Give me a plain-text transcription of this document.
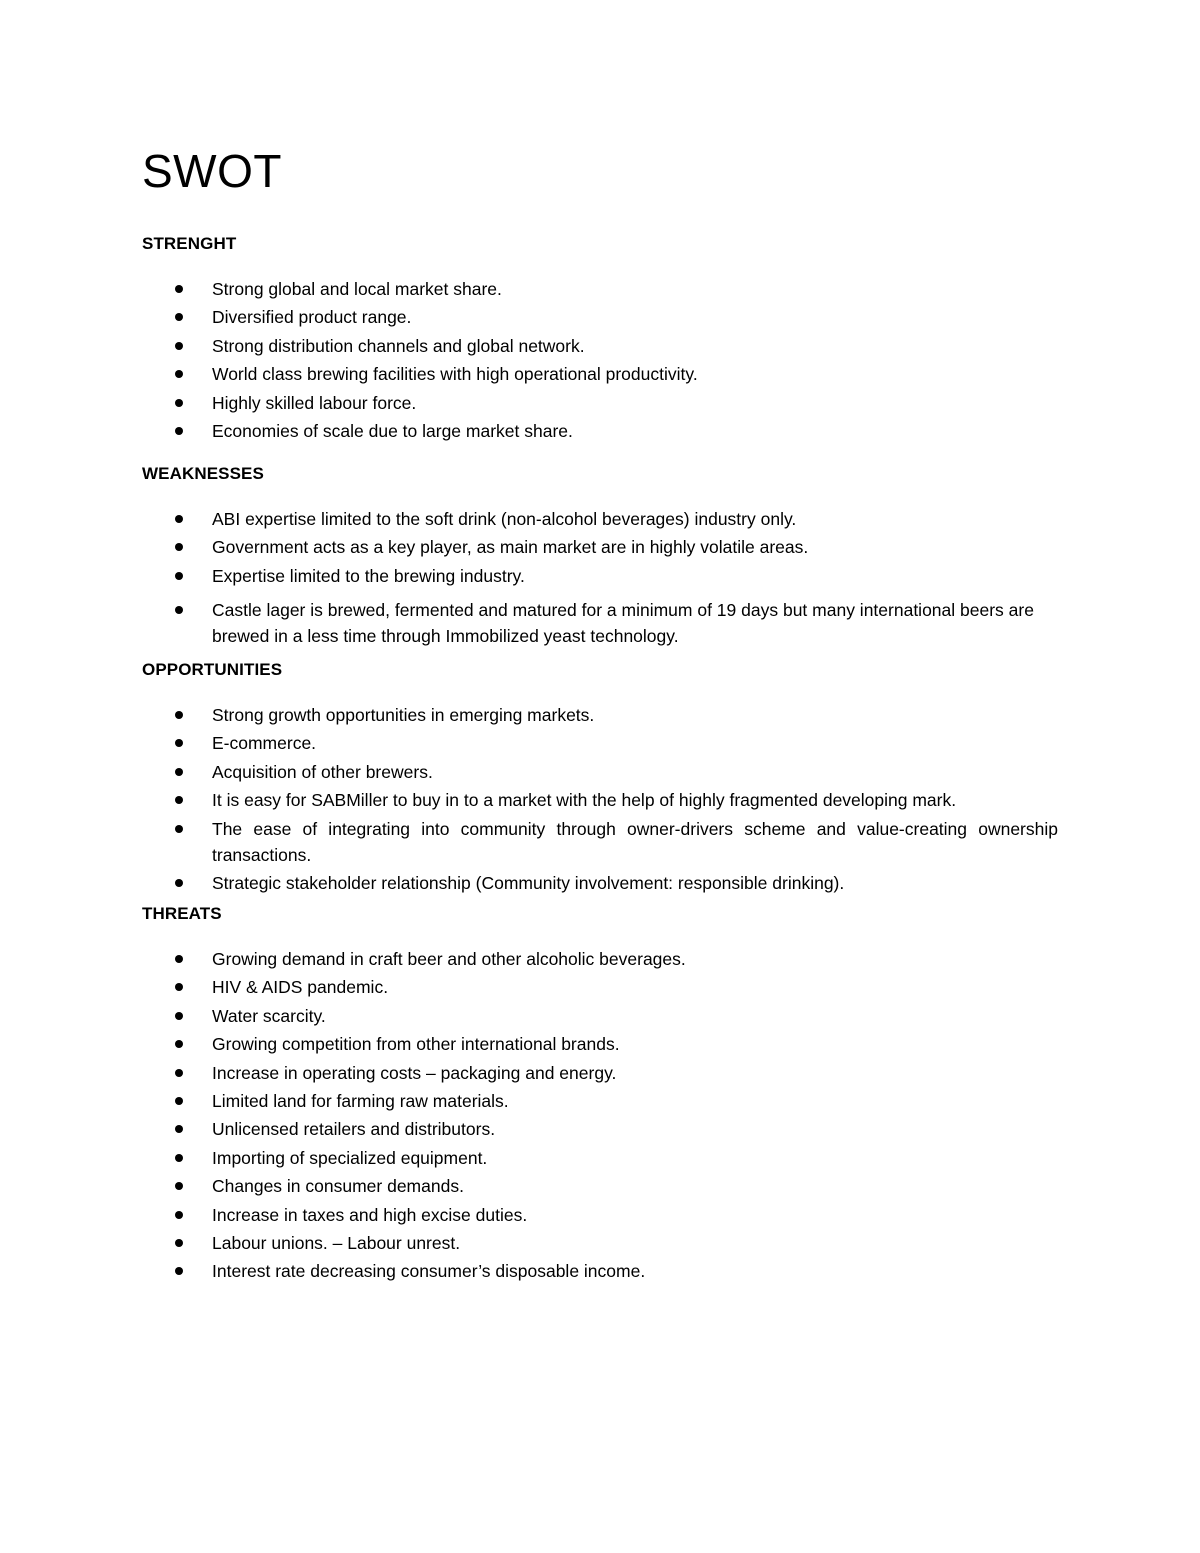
SWOT
STRENGHT
Strong global and local market share.
Diversified product range.
Strong distribution channels and global network.
World class brewing facilities with high operational productivity.
Highly skilled labour force.
Economies of scale due to large market share.
WEAKNESSES
ABI expertise limited to the soft drink (non-alcohol beverages) industry only.
Government acts as a key player, as main market are in highly volatile areas.
Expertise limited to the brewing industry.
Castle lager is brewed, fermented and matured for a minimum of 19 days but many international beers are brewed in a less time through Immobilized yeast technology.
OPPORTUNITIES
Strong growth opportunities in emerging markets.
E-commerce.
Acquisition of other brewers.
It is easy for SABMiller to buy in to a market with the help of highly fragmented developing mark.
The ease of integrating into community through owner-drivers scheme and value-creating ownership transactions.
Strategic stakeholder relationship (Community involvement: responsible drinking).
THREATS
Growing demand in craft beer and other alcoholic beverages.
HIV & AIDS pandemic.
Water scarcity.
Growing competition from other international brands.
Increase in operating costs – packaging and energy.
Limited land for farming raw materials.
Unlicensed retailers and distributors.
Importing of specialized equipment.
Changes in consumer demands.
Increase in taxes and high excise duties.
Labour unions. – Labour unrest.
Interest rate decreasing consumer’s disposable income.
